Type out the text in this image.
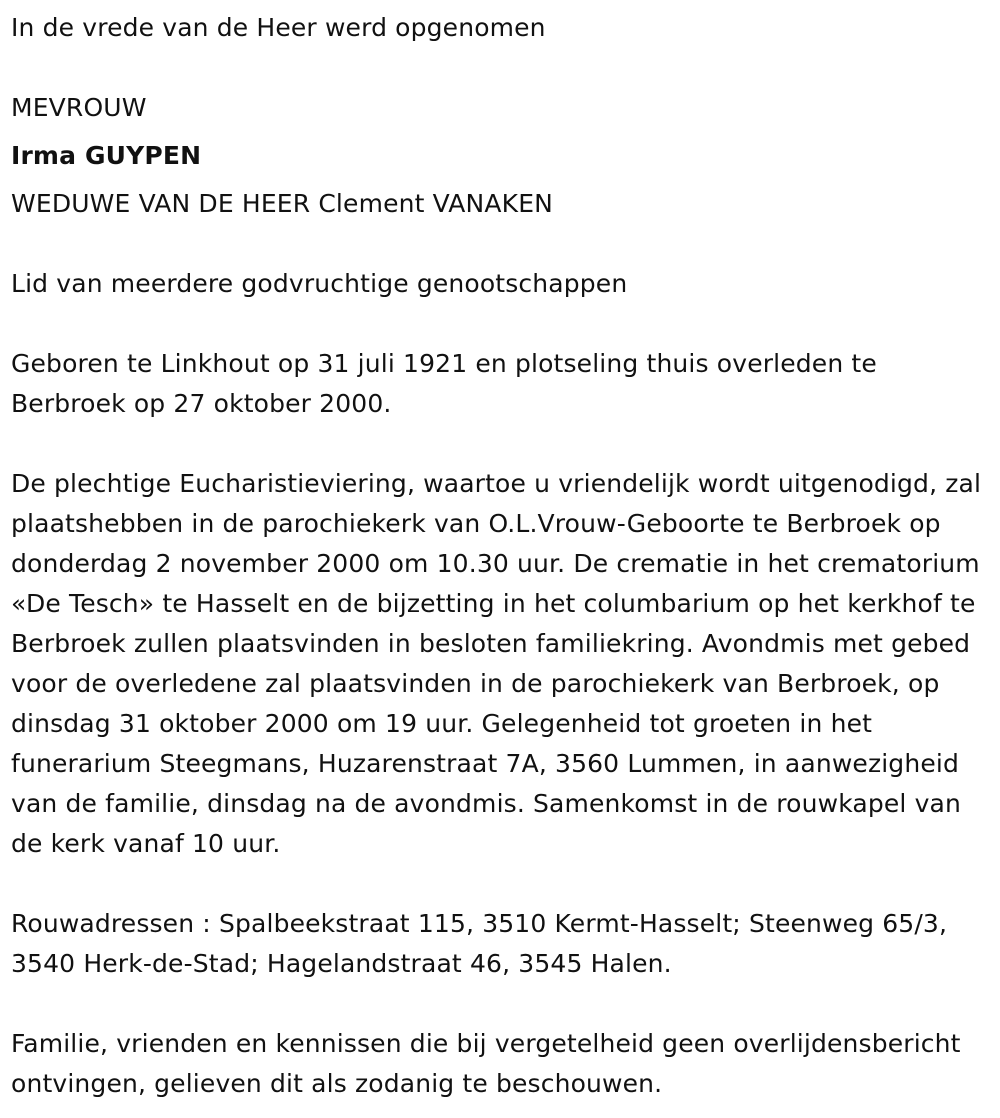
In de vrede van de Heer werd opgenomen

MEVROUW

Irma GUYPEN

WEDUWE VAN DE HEER Clement VANAKEN

Lid van meerdere godvruchtige genootschappen

Geboren te Linkhout op 31 juli 1921 en plotseling thuis overleden te Berbroek op 27 oktober 2000.

De plechtige Eucharistieviering, waartoe u vriendelijk wordt uitgenodigd, zal plaatshebben in de parochiekerk van O.L.Vrouw-Geboorte te Berbroek op donderdag 2 november 2000 om 10.30 uur. De crematie in het crematorium «De Tesch» te Hasselt en de bijzetting in het columbarium op het kerkhof te Berbroek zullen plaatsvinden in besloten familiekring. Avondmis met gebed voor de overledene zal plaatsvinden in de parochiekerk van Berbroek, op dinsdag 31 oktober 2000 om 19 uur. Gelegenheid tot groeten in het funerarium Steegmans, Huzarenstraat 7A, 3560 Lummen, in aanwezigheid van de familie, dinsdag na de avondmis. Samenkomst in de rouwkapel van de kerk vanaf 10 uur.

Rouwadressen : Spalbeekstraat 115, 3510 Kermt-Hasselt; Steenweg 65/3, 3540 Herk-de-Stad; Hagelandstraat 46, 3545 Halen.

Familie, vrienden en kennissen die bij vergetelheid geen overlijdensbericht ontvingen, gelieven dit als zodanig te beschouwen.
